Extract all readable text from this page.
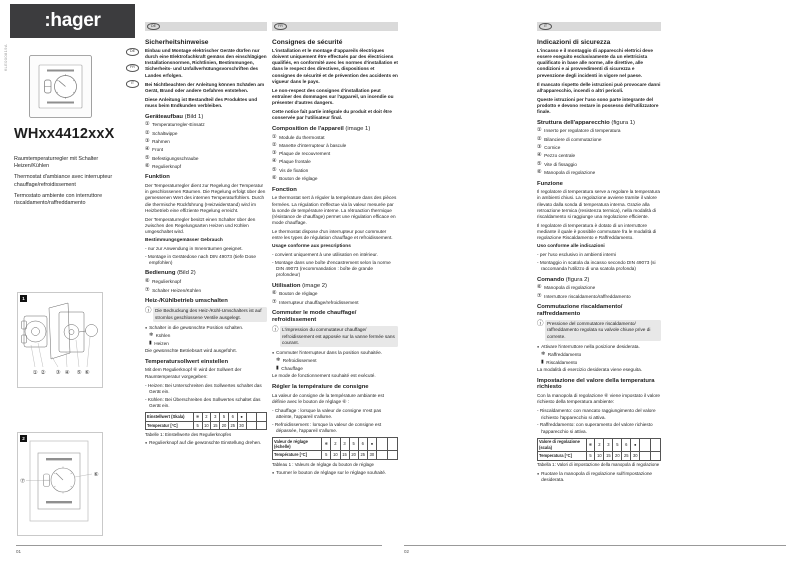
:hager
6LE000819A
WHxx4412xxX

Raumtemperaturregler mit Schalter Heizen/Kühlen

Thermostat d'ambiance avec interrupteur chauffage/refroidissement

Termostato ambiente con interruttore riscaldamento/raffreddamento

DE
FR
IT
1
① ② ③ ④ ⑤ ⑥
2
⑦
⑥
DE
Sicherheitshinweise

Einbau und Montage elektrischer Geräte dürfen nur durch eine Elektrofachkraft gemäss den einschlägigen Installationsnormen, Richtlinien, Bestimmungen, Sicherheits- und Unfallverhütungsvorschriften des Landes erfolgen.

Bei Nichtbeachten der Anleitung können Schäden am Gerät, Brand oder andere Gefahren entstehen.

Diese Anleitung ist Bestandteil des Produktes und muss beim Endkunden verbleiben.

Geräteaufbau (Bild 1)
① Temperaturregler-Einsatz
② Schaltwippe
③ Rahmen
④ Front
⑤ Befestigungsschraube
⑥ Regulierknopf
Funktion

Der Temperaturregler dient zur Regelung der Temperatur in geschlossenen Räumen. Die Regelung erfolgt über den gemessenen Wert des internen Temperaturfühlers. Durch die thermische Rückführung (Heizwiderstand) wird im Heizbetrieb eine effiziente Regelung erreicht.

Der Temperaturregler besitzt einen Schalter über den zwischen den Regelungsarten Heizen und Kühlen umgeschaltet wird.

Bestimmungsgemässer Gebrauch
- nur zur Anwendung in Innenräumen geeignet.
- Montage in Gerätedose nach DIN 49073 (tiefe Dose empfohlen)
Bedienung (Bild 2)
⑥ Regulierknopf
⑦ Schalter Heizen/Kühlen
Heiz-/Kühlbetrieb umschalten
ⓘ Die Bedruckung des Heiz-/Kühl-Umschalters ist auf stromlos geschlossene Ventile ausgelegt.
● Schalter in die gewünschte Position schalten.
❄ Kühlen
▮ Heizen

Die gewünschte Betriebsart wird ausgeführt.

Temperatursollwert einstellen

Mit dem Regulierknopf ⑥ wird der Sollwert der Raumtemperatur vorgegeben:

- Heizen: Bei Unterschreiten des Sollwertes schaltet das Gerät ein.
- Kühlen: Bei Überschreiten des Sollwertes schaltet das Gerät ein.
Einstellwert (Skala)	❄	2	3	5	6	●		
Temperatur [°C]	5	10	15	20	25	30		
Tabelle 1: Einstellwerte des Regulierknopfes
● Regulierknopf auf die gewünschte Einstellung drehen.
FR
Consignes de sécurité

L'installation et le montage d'appareils électriques doivent uniquement être effectués par des électriciens qualifiés, en conformité avec les normes d'installation et dans le respect des directives, dispositions et consignes de sécurité et de prévention des accidents en vigueur dans le pays.

Le non-respect des consignes d'installation peut entraîner des dommages sur l'appareil, un incendie ou présenter d'autres dangers.

Cette notice fait partie intégrale du produit et doit être conservée par l'utilisateur final.

Composition de l'appareil (image 1)
① Module du thermostat
② Manette d'interrupteur à bascule
③ Plaque de recouvrement
④ Plaque frontale
⑤ Vis de fixation
⑥ Bouton de réglage
Fonction

Le thermostat sert à réguler la température dans des pièces fermées. La régulation s'effectue via la valeur mesurée par la sonde de température interne. La rétroaction thermique (résistance de chauffage) permet une régulation efficace en mode chauffage.

Le thermostat dispose d'un interrupteur pour commuter entre les types de régulation chauffage et refroidissement.

Usage conforme aux prescriptions
- convient uniquement à une utilisation en intérieur.
- Montage dans une boîte d'encastrement selon la norme DIN 49073 (recommandation : boîte de grande profondeur)
Utilisation (image 2)
⑥ Bouton de réglage
⑦ Interrupteur chauffage/refroidissement
Commuter le mode chauffage/ refroidissement
ⓘ L'impression du commutateur chauffage/ refroidissement est apposée sur la vanne fermée sans courant.
● Commuter l'interrupteur dans la position souhaitée.
❄ Refroidissement
▮ Chauffage

Le mode de fonctionnement souhaité est exécuté.

Régler la température de consigne

La valeur de consigne de la température ambiante est définie avec le bouton de réglage ⑥ :

- Chauffage : lorsque la valeur de consigne n'est pas atteinte, l'appareil s'allume.
- Refroidissement : lorsque la valeur de consigne est dépassée, l'appareil s'allume.
Valeur de réglage (échelle)	❄	2	3	5	6	●		
Température [°C]	5	10	15	20	25	30		
Tableau 1 : Valeurs de réglage du bouton de réglage
● Tourner le bouton de réglage sur le réglage souhaité.
IT
Indicazioni di sicurezza

L'incasso e il montaggio di apparecchi elettrici deve essere eseguito esclusivamente da un elettricista qualificato in base alle norme, alle direttive, alle condizioni e ai provvedimenti di sicurezza e prevenzione degli incidenti in vigore nel paese.

Il mancato rispetto delle istruzioni può provocare danni all'apparecchio, incendi o altri pericoli.

Queste istruzioni per l'uso sono parte integrante del prodotto e devono restare in possesso dell'utilizzatore finale.

Struttura dell'apparecchio (figura 1)
① Inserto per regolatore di temperatura
② Bilanciere di commutazione
③ Cornice
④ Pezzo centrale
⑤ Vite di fissaggio
⑥ Manopola di regolazione
Funzione

Il regolatore di temperatura serve a regolare la temperatura in ambienti chiusi. La regolazione avviene tramite il valore rilevato dalla sonda di temperatura interna. Grazie alla retroazione termica (resistenza termica), nella modalità di riscaldamento si raggiunge una regolazione efficiente.

Il regolatore di temperatura è dotato di un interruttore mediante il quale è possibile commutare fra le modalità di regolazione Riscaldamento e Raffreddamento.

Uso conforme alle indicazioni
- per l'uso esclusivo in ambienti interni
- Montaggio in scatola da incasso secondo DIN 49073 (si raccomanda l'utilizzo di una scatola profonda)
Comando (figura 2)
⑥ Manopola di regolazione
⑦ Interruttore riscaldamento/raffreddamento
Commutazione riscaldamento/ raffreddamento
ⓘ Pressione del commutatore riscaldamento/ raffreddamento regolata su valvole chiuse prive di corrente.
● Attivare l'interruttore nella posizione desiderata.
❄ Raffreddamento
▮ Riscaldamento

La modalità di esercizio desiderata viene eseguita.

Impostazione del valore della temperatura richiesto

Con la manopola di regolazione ⑥ viene impostato il valore richiesto della temperatura ambiente:

- Riscaldamento: con mancato raggiungimento del valore richiesto l'apparecchio si attiva.
- Raffreddamento: con superamento del valore richiesto l'apparecchio si attiva.
Valore di regolazione (scala)	❄	2	3	5	6	●		
Temperatura [°C]	5	10	15	20	25	30		
Tabella 1: Valori di impostazione della manopola di regolazione
● Ruotare la manopola di regolazione sull'impostazione desiderata.
01	02
